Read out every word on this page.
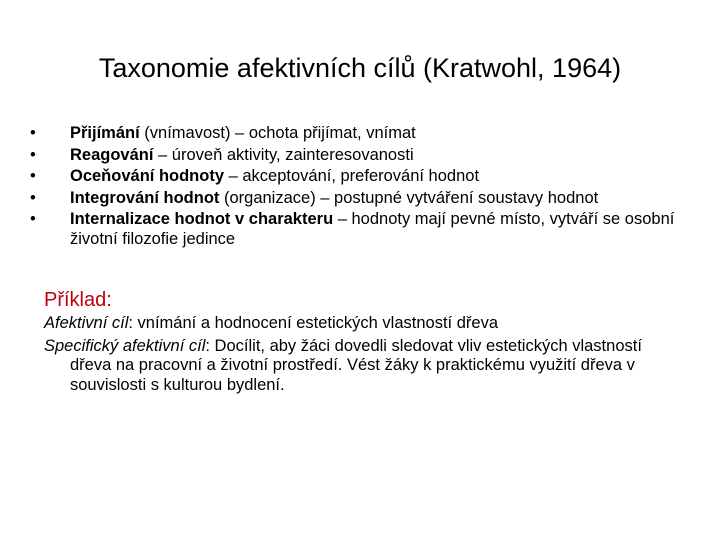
Taxonomie afektivních cílů (Kratwohl, 1964)
• Přijímání (vnímavost) – ochota přijímat, vnímat
• Reagování – úroveň aktivity, zainteresovanosti
• Oceňování hodnoty – akceptování, preferování hodnot
• Integrování hodnot (organizace) – postupné vytváření soustavy hodnot
• Internalizace hodnot v charakteru – hodnoty mají pevné místo, vytváří se osobní životní filozofie jedince
Příklad:

Afektivní cíl: vnímání a hodnocení estetických vlastností dřeva

Specifický afektivní cíl: Docílit, aby žáci dovedli sledovat vliv estetických vlastností dřeva na pracovní a životní prostředí. Vést žáky k praktickému využití dřeva v souvislosti s kulturou bydlení.
